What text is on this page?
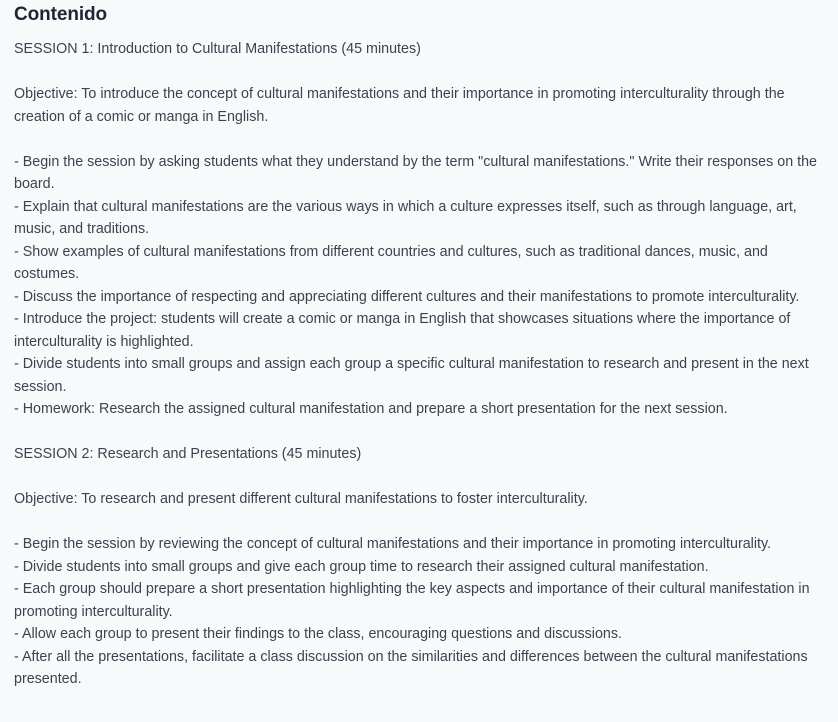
Contenido

SESSION 1: Introduction to Cultural Manifestations (45 minutes)

Objective: To introduce the concept of cultural manifestations and their importance in promoting interculturality through the creation of a comic or manga in English.

- Begin the session by asking students what they understand by the term "cultural manifestations." Write their responses on the board.

- Explain that cultural manifestations are the various ways in which a culture expresses itself, such as through language, art, music, and traditions.

- Show examples of cultural manifestations from different countries and cultures, such as traditional dances, music, and costumes.

- Discuss the importance of respecting and appreciating different cultures and their manifestations to promote interculturality.

- Introduce the project: students will create a comic or manga in English that showcases situations where the importance of interculturality is highlighted.

- Divide students into small groups and assign each group a specific cultural manifestation to research and present in the next session.

- Homework: Research the assigned cultural manifestation and prepare a short presentation for the next session.

SESSION 2: Research and Presentations (45 minutes)

Objective: To research and present different cultural manifestations to foster interculturality.

- Begin the session by reviewing the concept of cultural manifestations and their importance in promoting interculturality.

- Divide students into small groups and give each group time to research their assigned cultural manifestation.

- Each group should prepare a short presentation highlighting the key aspects and importance of their cultural manifestation in promoting interculturality.

- Allow each group to present their findings to the class, encouraging questions and discussions.

- After all the presentations, facilitate a class discussion on the similarities and differences between the cultural manifestations presented.
